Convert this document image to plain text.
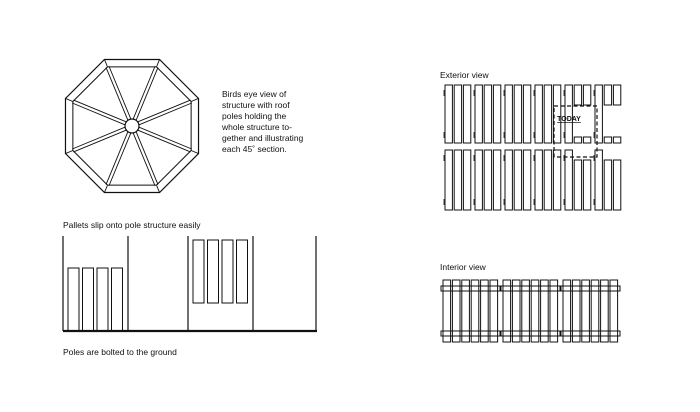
TODAY
Birds eye view of
structure with roof
poles holding the
whole structure to-
gether and illustrating
each 45˚ section.
Exterior view
Interior view
Pallets slip onto pole structure easily
Poles are bolted to the ground
